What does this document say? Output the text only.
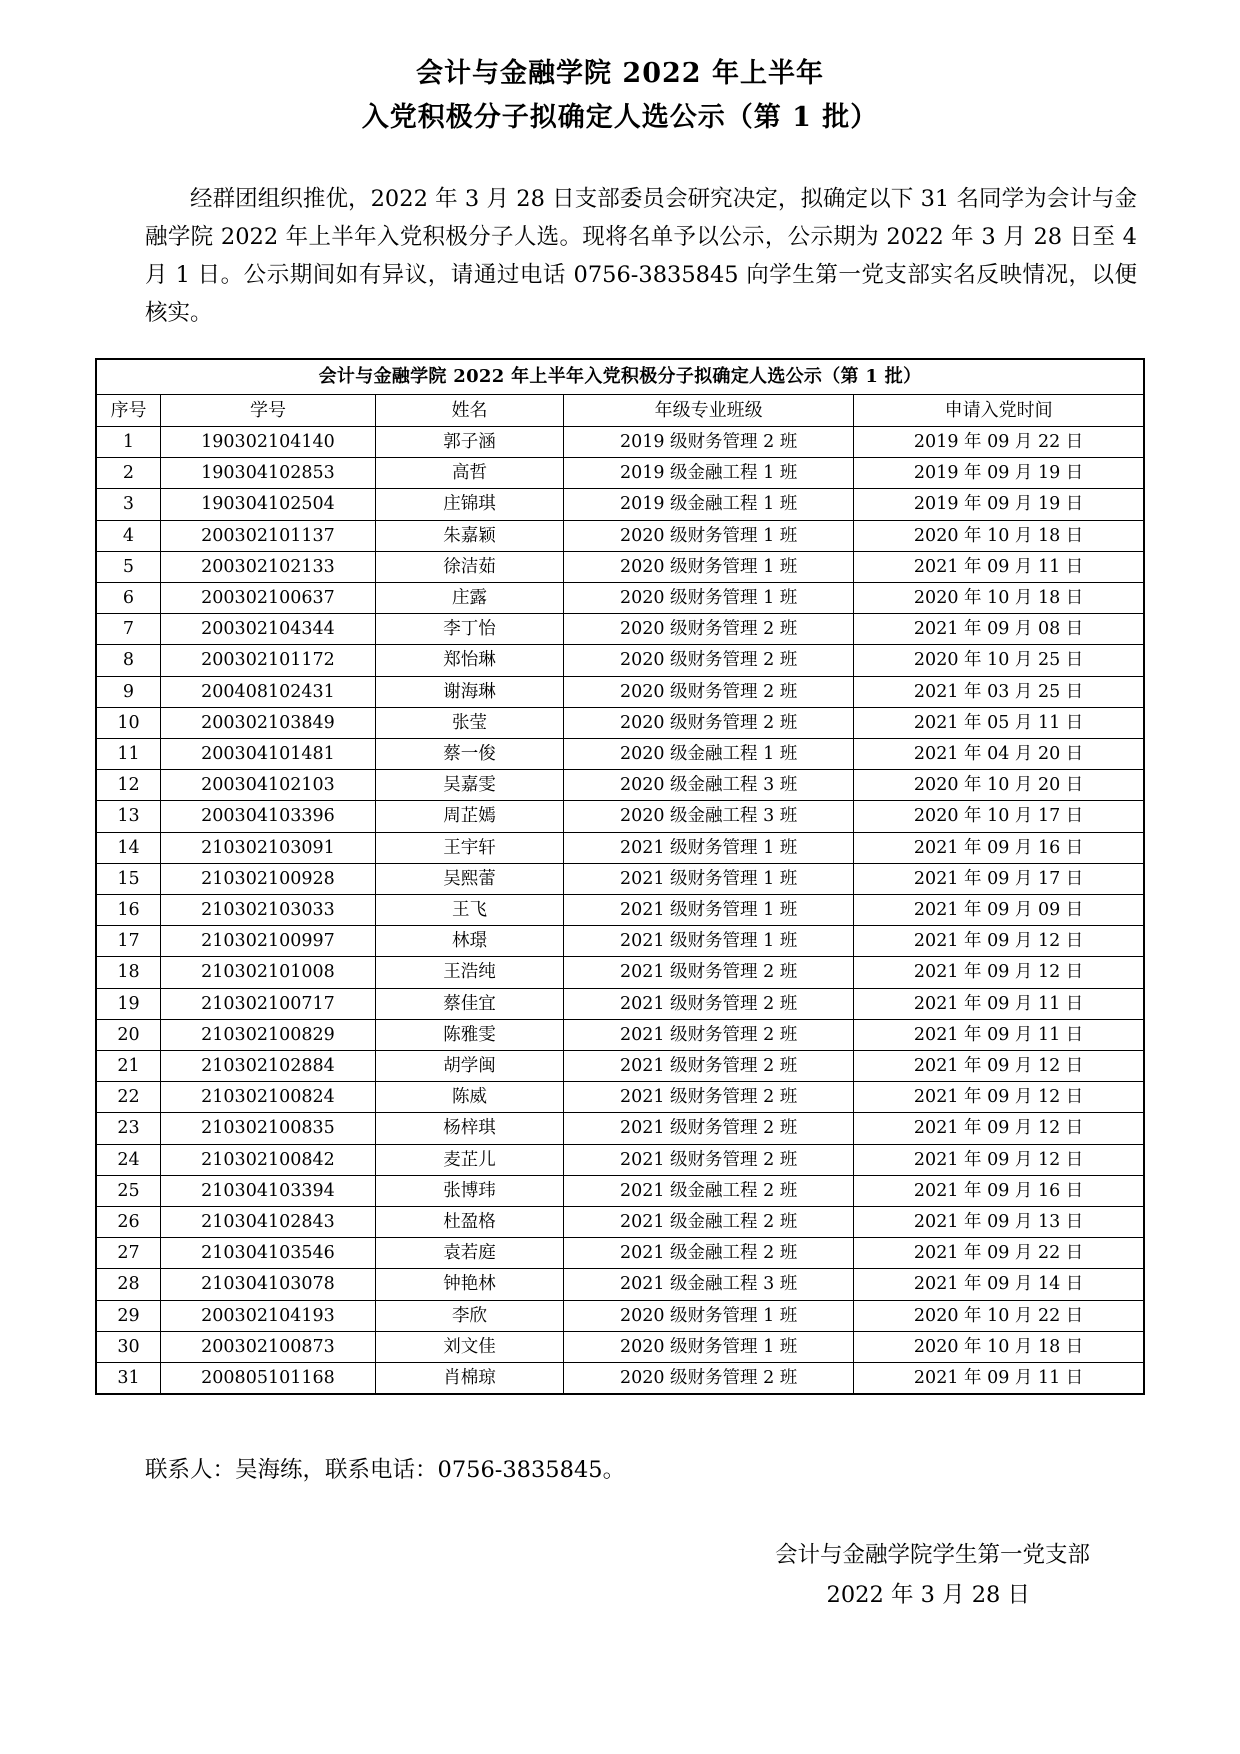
会计与金融学院 2022 年上半年
入党积极分子拟确定人选公示（第 1 批）

经群团组织推优，2022 年 3 月 28 日支部委员会研究决定，拟确定以下 31 名同学为会计与金融学院 2022 年上半年入党积极分子人选。现将名单予以公示，公示期为 2022 年 3 月 28 日至 4 月 1 日。公示期间如有异议，请通过电话 0756-3835845 向学生第一党支部实名反映情况，以便核实。

会计与金融学院 2022 年上半年入党积极分子拟确定人选公示（第 1 批）				
序号	学号	姓名	年级专业班级	申请入党时间
1	190302104140	郭子涵	2019 级财务管理 2 班	2019 年 09 月 22 日
2	190304102853	高哲	2019 级金融工程 1 班	2019 年 09 月 19 日
3	190304102504	庄锦琪	2019 级金融工程 1 班	2019 年 09 月 19 日
4	200302101137	朱嘉颖	2020 级财务管理 1 班	2020 年 10 月 18 日
5	200302102133	徐洁茹	2020 级财务管理 1 班	2021 年 09 月 11 日
6	200302100637	庄露	2020 级财务管理 1 班	2020 年 10 月 18 日
7	200302104344	李丁怡	2020 级财务管理 2 班	2021 年 09 月 08 日
8	200302101172	郑怡琳	2020 级财务管理 2 班	2020 年 10 月 25 日
9	200408102431	谢海琳	2020 级财务管理 2 班	2021 年 03 月 25 日
10	200302103849	张莹	2020 级财务管理 2 班	2021 年 05 月 11 日
11	200304101481	蔡一俊	2020 级金融工程 1 班	2021 年 04 月 20 日
12	200304102103	吴嘉雯	2020 级金融工程 3 班	2020 年 10 月 20 日
13	200304103396	周芷嫣	2020 级金融工程 3 班	2020 年 10 月 17 日
14	210302103091	王宇轩	2021 级财务管理 1 班	2021 年 09 月 16 日
15	210302100928	吴熙蕾	2021 级财务管理 1 班	2021 年 09 月 17 日
16	210302103033	王飞	2021 级财务管理 1 班	2021 年 09 月 09 日
17	210302100997	林璟	2021 级财务管理 1 班	2021 年 09 月 12 日
18	210302101008	王浩纯	2021 级财务管理 2 班	2021 年 09 月 12 日
19	210302100717	蔡佳宜	2021 级财务管理 2 班	2021 年 09 月 11 日
20	210302100829	陈雅雯	2021 级财务管理 2 班	2021 年 09 月 11 日
21	210302102884	胡学闽	2021 级财务管理 2 班	2021 年 09 月 12 日
22	210302100824	陈威	2021 级财务管理 2 班	2021 年 09 月 12 日
23	210302100835	杨梓琪	2021 级财务管理 2 班	2021 年 09 月 12 日
24	210302100842	麦芷儿	2021 级财务管理 2 班	2021 年 09 月 12 日
25	210304103394	张博玮	2021 级金融工程 2 班	2021 年 09 月 16 日
26	210304102843	杜盈格	2021 级金融工程 2 班	2021 年 09 月 13 日
27	210304103546	袁若庭	2021 级金融工程 2 班	2021 年 09 月 22 日
28	210304103078	钟艳林	2021 级金融工程 3 班	2021 年 09 月 14 日
29	200302104193	李欣	2020 级财务管理 1 班	2020 年 10 月 22 日
30	200302100873	刘文佳	2020 级财务管理 1 班	2020 年 10 月 18 日
31	200805101168	肖棉琼	2020 级财务管理 2 班	2021 年 09 月 11 日

联系人：吴海练，联系电话：0756-3835845。

会计与金融学院学生第一党支部
2022 年 3 月 28 日
